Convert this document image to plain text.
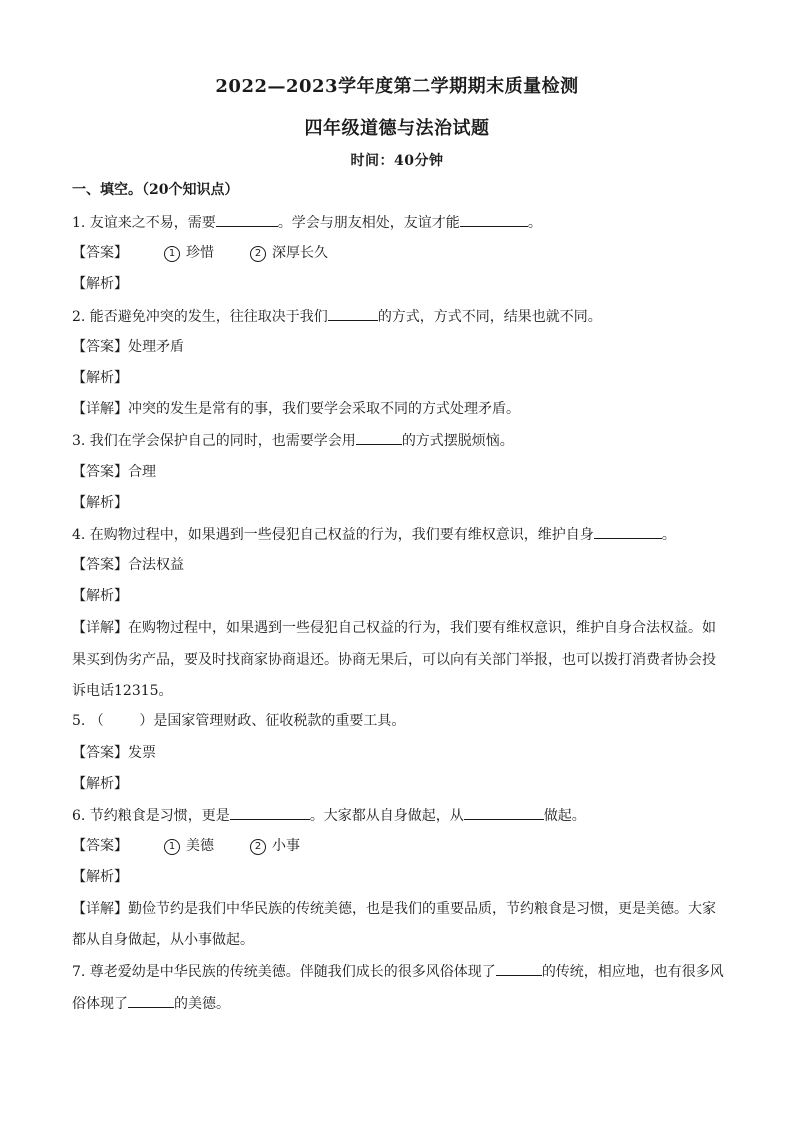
2022—2023学年度第二学期期末质量检测
四年级道德与法治试题
时间：40分钟
一、填空。（20个知识点）
1. 友谊来之不易，需要	。学会与朋友相处，友谊才能	。
【答案】	1 珍惜	2 深厚长久
【解析】
2. 能否避免冲突的发生，往往取决于我们	的方式，方式不同，结果也就不同。
【答案】处理矛盾
【解析】
【详解】冲突的发生是常有的事，我们要学会采取不同的方式处理矛盾。
3. 我们在学会保护自己的同时，也需要学会用	的方式摆脱烦恼。
【答案】合理
【解析】
4. 在购物过程中，如果遇到一些侵犯自己权益的行为，我们要有维权意识，维护自身	。
【答案】合法权益
【解析】
【详解】在购物过程中，如果遇到一些侵犯自己权益的行为，我们要有维权意识，维护自身合法权益。如
果买到伪劣产品，要及时找商家协商退还。协商无果后，可以向有关部门举报，也可以拨打消费者协会投
诉电话12315。
5. （        ）是国家管理财政、征收税款的重要工具。
【答案】发票
【解析】
6. 节约粮食是习惯，更是	。大家都从自身做起，从	做起。
【答案】	1 美德	2 小事
【解析】
【详解】勤俭节约是我们中华民族的传统美德，也是我们的重要品质，节约粮食是习惯，更是美德。大家
都从自身做起，从小事做起。
7. 尊老爱幼是中华民族的传统美德。伴随我们成长的很多风俗体现了	的传统，相应地，也有很多风
俗体现了	的美德。
